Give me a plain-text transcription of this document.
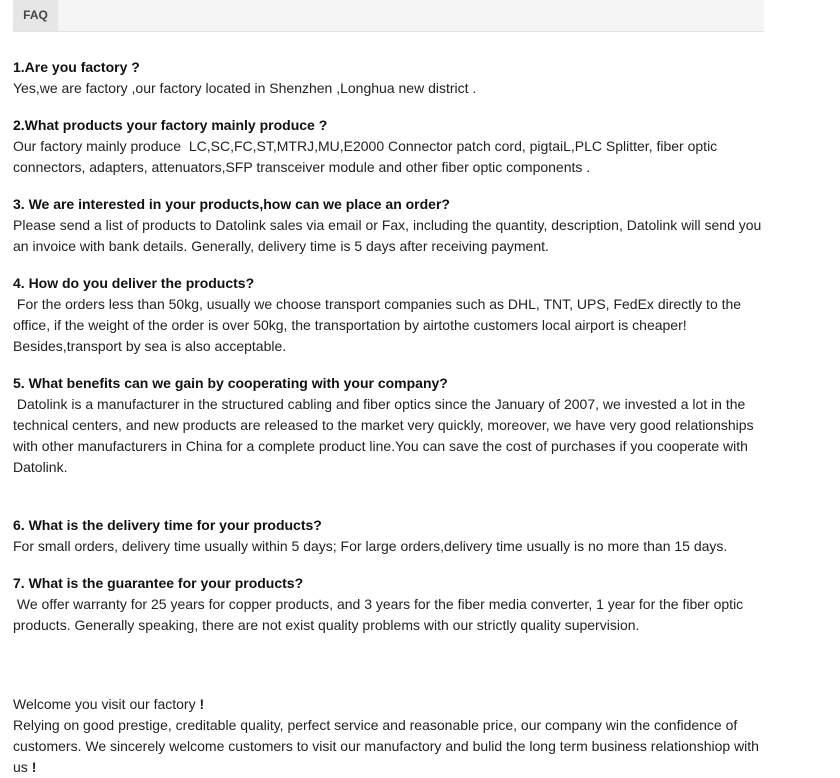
FAQ

1.Are you factory ?

Yes,we are factory ,our factory located in Shenzhen ,Longhua new district .

2.What products your factory mainly produce ?

Our factory mainly produce  LC,SC,FC,ST,MTRJ,MU,E2000 Connector patch cord, pigtaiL,PLC Splitter, fiber optic connectors, adapters, attenuators,SFP transceiver module and other fiber optic components .

3. We are interested in your products,how can we place an order?

Please send a list of products to Datolink sales via email or Fax, including the quantity, description, Datolink will send you an invoice with bank details. Generally, delivery time is 5 days after receiving payment.

4. How do you deliver the products?

For the orders less than 50kg, usually we choose transport companies such as DHL, TNT, UPS, FedEx directly to the office, if the weight of the order is over 50kg, the transportation by airtothe customers local airport is cheaper! Besides,transport by sea is also acceptable.

5. What benefits can we gain by cooperating with your company?

Datolink is a manufacturer in the structured cabling and fiber optics since the January of 2007, we invested a lot in the technical centers, and new products are released to the market very quickly, moreover, we have very good relationships with other manufacturers in China for a complete product line.You can save the cost of purchases if you cooperate with Datolink.

6. What is the delivery time for your products?

For small orders, delivery time usually within 5 days; For large orders,delivery time usually is no more than 15 days.

7. What is the guarantee for your products?

We offer warranty for 25 years for copper products, and 3 years for the fiber media converter, 1 year for the fiber optic products. Generally speaking, there are not exist quality problems with our strictly quality supervision.

Welcome you visit our factory !

Relying on good prestige, creditable quality, perfect service and reasonable price, our company win the confidence of customers. We sincerely welcome customers to visit our manufactory and bulid the long term business relationshiop with us !
